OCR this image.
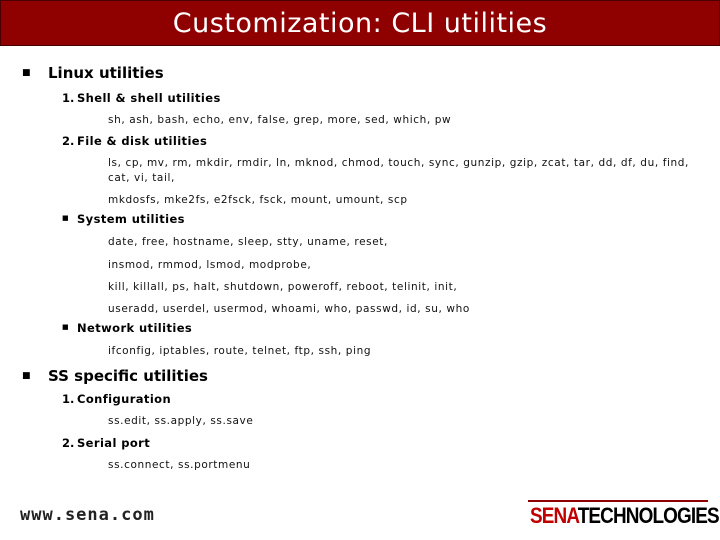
Customization: CLI utilities
■ Linux utilities
1. Shell & shell utilities
sh, ash, bash, echo, env, false, grep, more, sed, which, pw
2. File & disk utilities
ls, cp, mv, rm, mkdir, rmdir, ln, mknod, chmod, touch, sync, gunzip, gzip, zcat, tar, dd, df, du, find,
cat, vi, tail,
mkdosfs, mke2fs, e2fsck, fsck, mount, umount, scp
■ System utilities
date, free, hostname, sleep, stty, uname, reset,
insmod, rmmod, lsmod, modprobe,
kill, killall, ps, halt, shutdown, poweroff, reboot, telinit, init,
useradd, userdel, usermod, whoami, who, passwd, id, su, who
■ Network utilities
ifconfig, iptables, route, telnet, ftp, ssh, ping
■ SS specific utilities
1. Configuration
ss.edit, ss.apply, ss.save
2. Serial port
ss.connect, ss.portmenu
www.sena.com	SENATECHNOLOGIES
